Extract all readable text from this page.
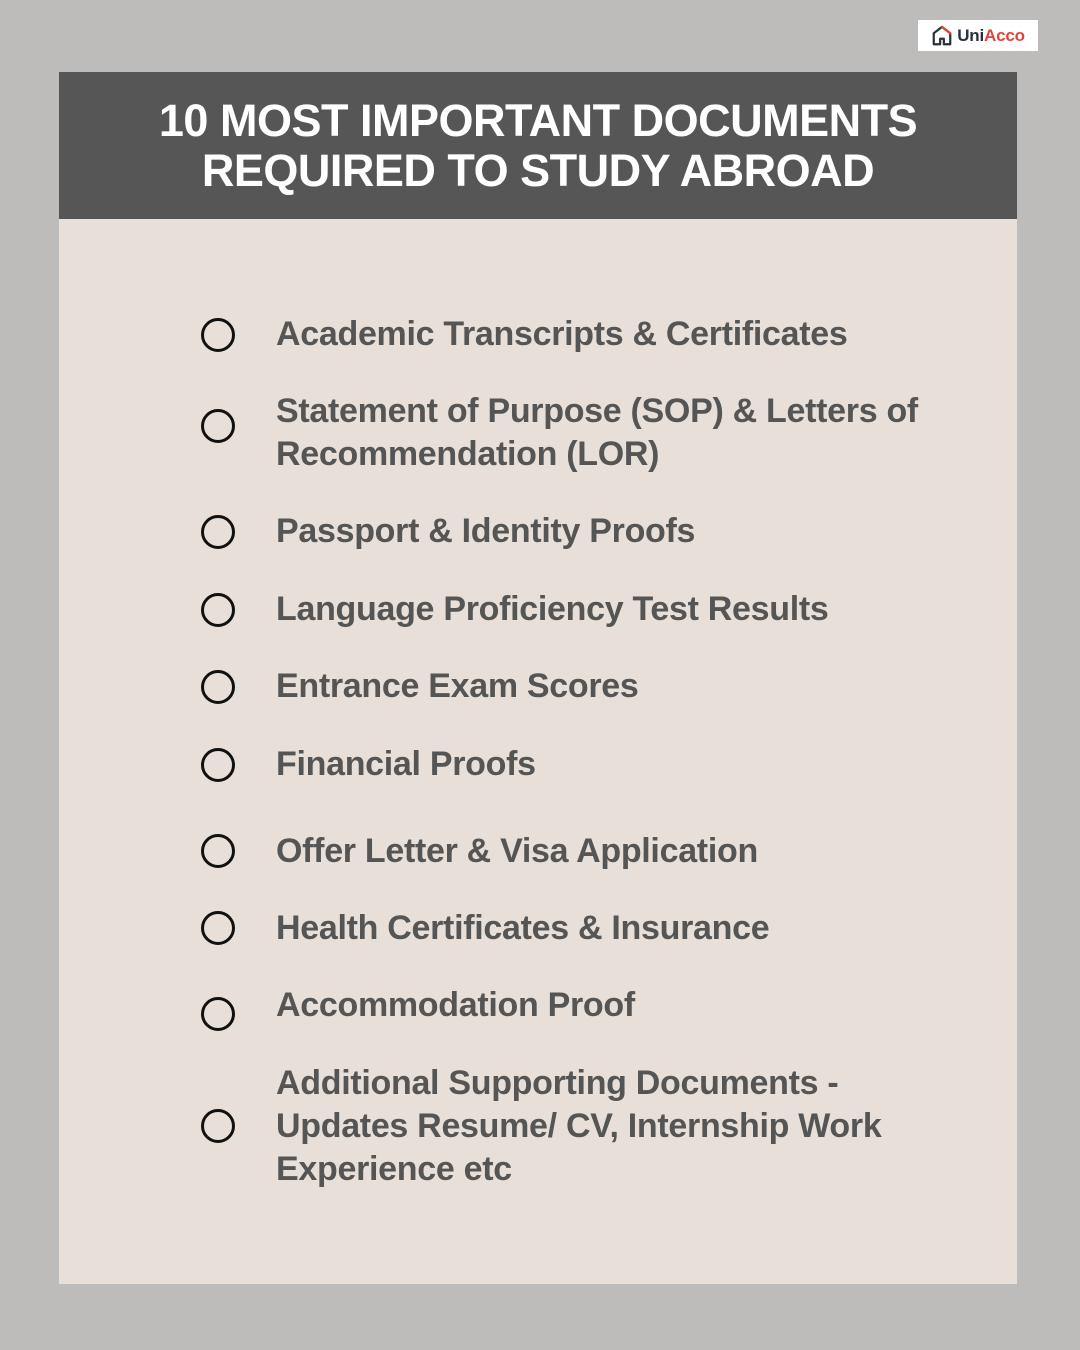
UniAcco
10 MOST IMPORTANT DOCUMENTS
REQUIRED TO STUDY ABROAD
Academic Transcripts & Certificates
Statement of Purpose (SOP) & Letters of Recommendation (LOR)
Passport & Identity Proofs
Language Proficiency Test Results
Entrance Exam Scores
Financial Proofs
Offer Letter & Visa Application
Health Certificates & Insurance
Accommodation Proof
Additional Supporting Documents - Updates Resume/ CV, Internship Work Experience etc
